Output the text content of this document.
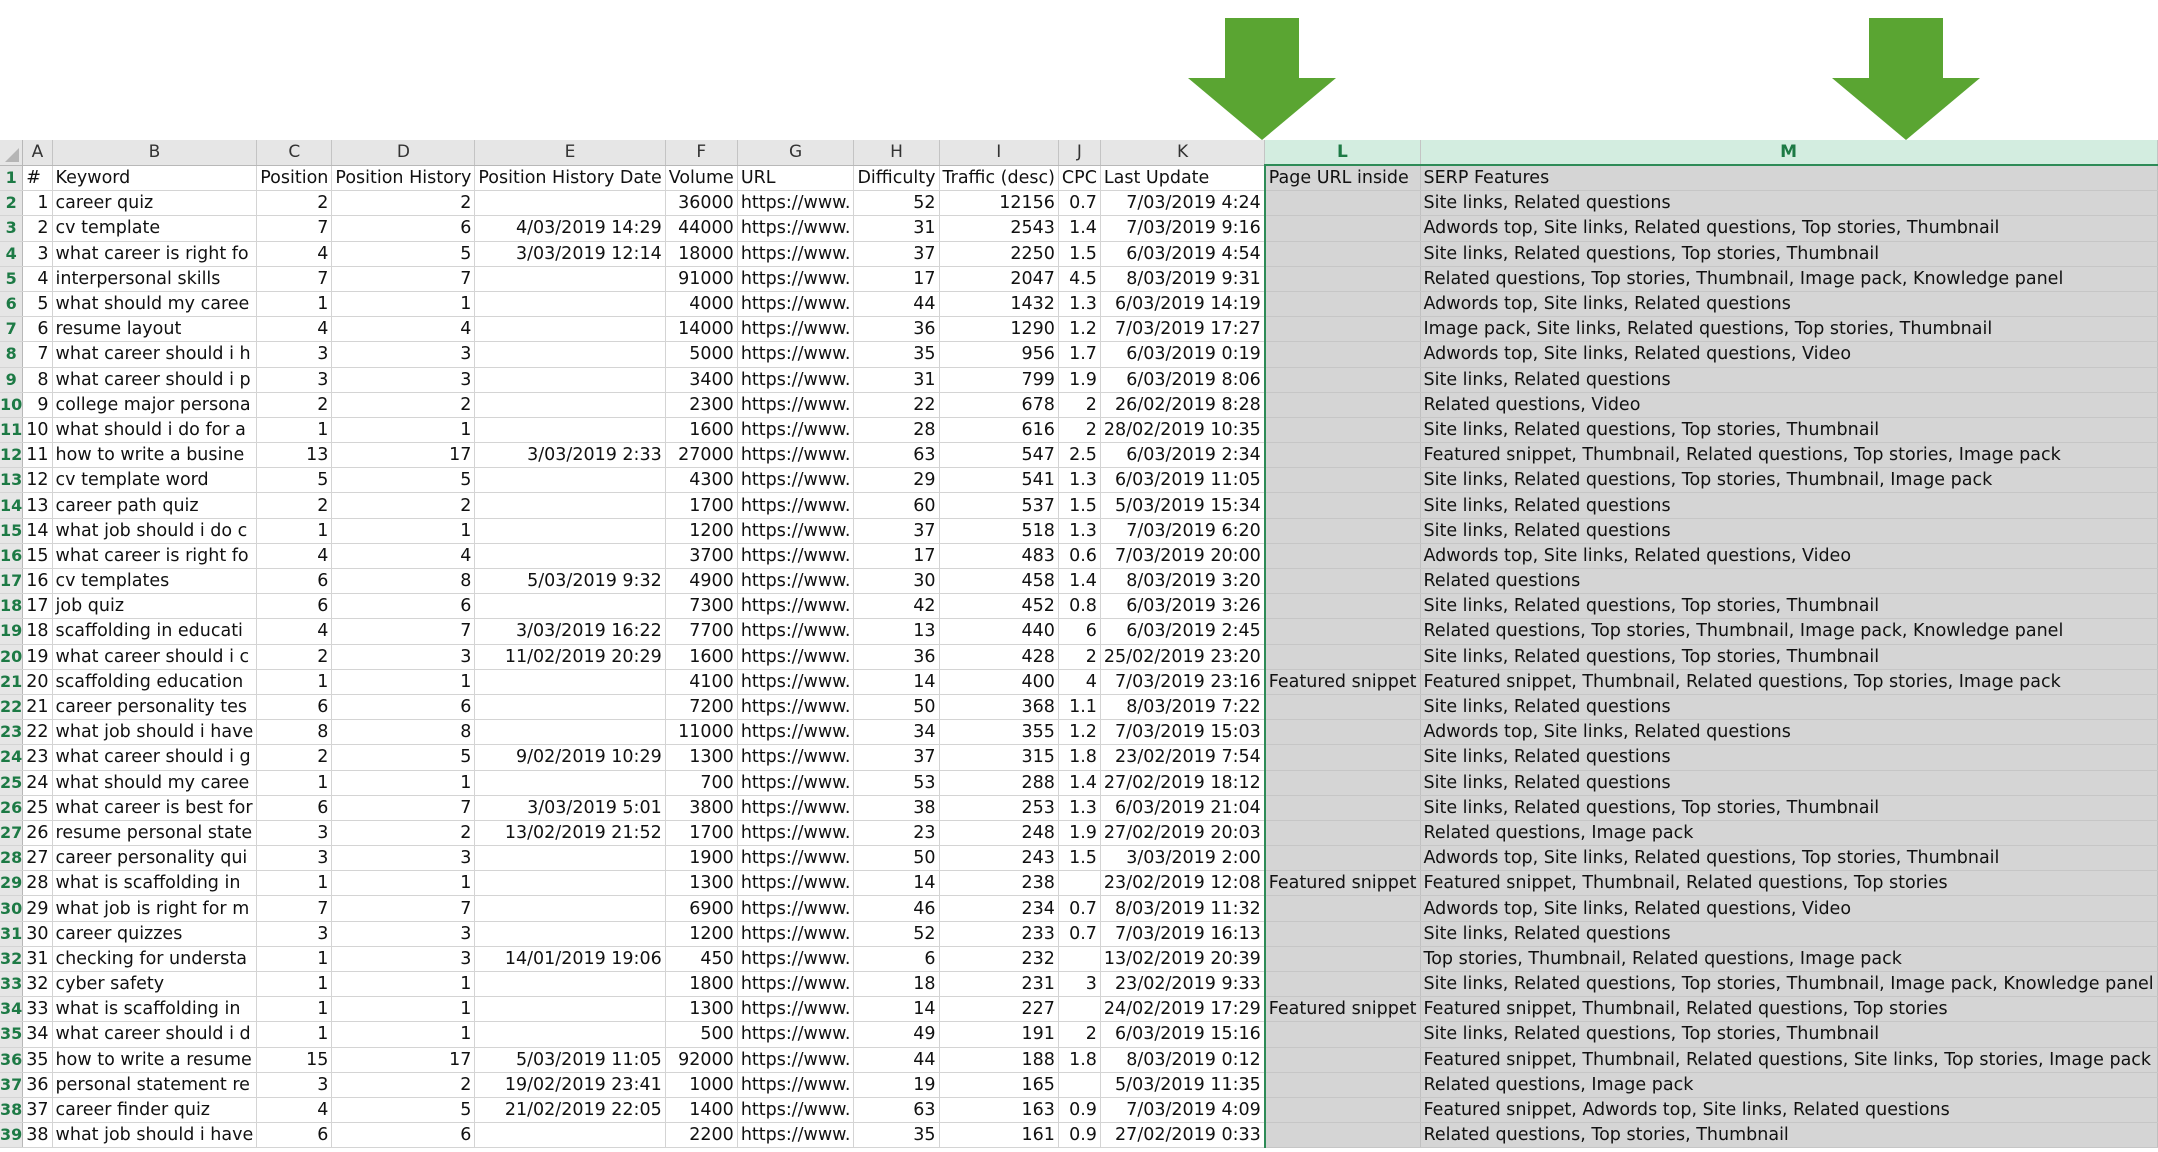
	A	B	C	D	E	F	G	H	I	J	K	L	M
1	#	Keyword	Position	Position History	Position History Date	Volume	URL	Difficulty	Traffic (desc)	CPC	Last Update	Page URL inside	SERP Features
2	1	career quiz	2	2		36000	https://www.	52	12156	0.7	7/03/2019 4:24		Site links, Related questions
3	2	cv template	7	6	4/03/2019 14:29	44000	https://www.	31	2543	1.4	7/03/2019 9:16		Adwords top, Site links, Related questions, Top stories, Thumbnail
4	3	what career is right fo	4	5	3/03/2019 12:14	18000	https://www.	37	2250	1.5	6/03/2019 4:54		Site links, Related questions, Top stories, Thumbnail
5	4	interpersonal skills	7	7		91000	https://www.	17	2047	4.5	8/03/2019 9:31		Related questions, Top stories, Thumbnail, Image pack, Knowledge panel
6	5	what should my caree	1	1		4000	https://www.	44	1432	1.3	6/03/2019 14:19		Adwords top, Site links, Related questions
7	6	resume layout	4	4		14000	https://www.	36	1290	1.2	7/03/2019 17:27		Image pack, Site links, Related questions, Top stories, Thumbnail
8	7	what career should i h	3	3		5000	https://www.	35	956	1.7	6/03/2019 0:19		Adwords top, Site links, Related questions, Video
9	8	what career should i p	3	3		3400	https://www.	31	799	1.9	6/03/2019 8:06		Site links, Related questions
10	9	college major persona	2	2		2300	https://www.	22	678	2	26/02/2019 8:28		Related questions, Video
11	10	what should i do for a	1	1		1600	https://www.	28	616	2	28/02/2019 10:35		Site links, Related questions, Top stories, Thumbnail
12	11	how to write a busine	13	17	3/03/2019 2:33	27000	https://www.	63	547	2.5	6/03/2019 2:34		Featured snippet, Thumbnail, Related questions, Top stories, Image pack
13	12	cv template word	5	5		4300	https://www.	29	541	1.3	6/03/2019 11:05		Site links, Related questions, Top stories, Thumbnail, Image pack
14	13	career path quiz	2	2		1700	https://www.	60	537	1.5	5/03/2019 15:34		Site links, Related questions
15	14	what job should i do c	1	1		1200	https://www.	37	518	1.3	7/03/2019 6:20		Site links, Related questions
16	15	what career is right fo	4	4		3700	https://www.	17	483	0.6	7/03/2019 20:00		Adwords top, Site links, Related questions, Video
17	16	cv templates	6	8	5/03/2019 9:32	4900	https://www.	30	458	1.4	8/03/2019 3:20		Related questions
18	17	job quiz	6	6		7300	https://www.	42	452	0.8	6/03/2019 3:26		Site links, Related questions, Top stories, Thumbnail
19	18	scaffolding in educati	4	7	3/03/2019 16:22	7700	https://www.	13	440	6	6/03/2019 2:45		Related questions, Top stories, Thumbnail, Image pack, Knowledge panel
20	19	what career should i c	2	3	11/02/2019 20:29	1600	https://www.	36	428	2	25/02/2019 23:20		Site links, Related questions, Top stories, Thumbnail
21	20	scaffolding education	1	1		4100	https://www.	14	400	4	7/03/2019 23:16	Featured snippet	Featured snippet, Thumbnail, Related questions, Top stories, Image pack
22	21	career personality tes	6	6		7200	https://www.	50	368	1.1	8/03/2019 7:22		Site links, Related questions
23	22	what job should i have	8	8		11000	https://www.	34	355	1.2	7/03/2019 15:03		Adwords top, Site links, Related questions
24	23	what career should i g	2	5	9/02/2019 10:29	1300	https://www.	37	315	1.8	23/02/2019 7:54		Site links, Related questions
25	24	what should my caree	1	1		700	https://www.	53	288	1.4	27/02/2019 18:12		Site links, Related questions
26	25	what career is best for	6	7	3/03/2019 5:01	3800	https://www.	38	253	1.3	6/03/2019 21:04		Site links, Related questions, Top stories, Thumbnail
27	26	resume personal state	3	2	13/02/2019 21:52	1700	https://www.	23	248	1.9	27/02/2019 20:03		Related questions, Image pack
28	27	career personality qui	3	3		1900	https://www.	50	243	1.5	3/03/2019 2:00		Adwords top, Site links, Related questions, Top stories, Thumbnail
29	28	what is scaffolding in	1	1		1300	https://www.	14	238		23/02/2019 12:08	Featured snippet	Featured snippet, Thumbnail, Related questions, Top stories
30	29	what job is right for m	7	7		6900	https://www.	46	234	0.7	8/03/2019 11:32		Adwords top, Site links, Related questions, Video
31	30	career quizzes	3	3		1200	https://www.	52	233	0.7	7/03/2019 16:13		Site links, Related questions
32	31	checking for understa	1	3	14/01/2019 19:06	450	https://www.	6	232		13/02/2019 20:39		Top stories, Thumbnail, Related questions, Image pack
33	32	cyber safety	1	1		1800	https://www.	18	231	3	23/02/2019 9:33		Site links, Related questions, Top stories, Thumbnail, Image pack, Knowledge panel
34	33	what is scaffolding in	1	1		1300	https://www.	14	227		24/02/2019 17:29	Featured snippet	Featured snippet, Thumbnail, Related questions, Top stories
35	34	what career should i d	1	1		500	https://www.	49	191	2	6/03/2019 15:16		Site links, Related questions, Top stories, Thumbnail
36	35	how to write a resume	15	17	5/03/2019 11:05	92000	https://www.	44	188	1.8	8/03/2019 0:12		Featured snippet, Thumbnail, Related questions, Site links, Top stories, Image pack
37	36	personal statement re	3	2	19/02/2019 23:41	1000	https://www.	19	165		5/03/2019 11:35		Related questions, Image pack
38	37	career finder quiz	4	5	21/02/2019 22:05	1400	https://www.	63	163	0.9	7/03/2019 4:09		Featured snippet, Adwords top, Site links, Related questions
39	38	what job should i have	6	6		2200	https://www.	35	161	0.9	27/02/2019 0:33		Related questions, Top stories, Thumbnail
